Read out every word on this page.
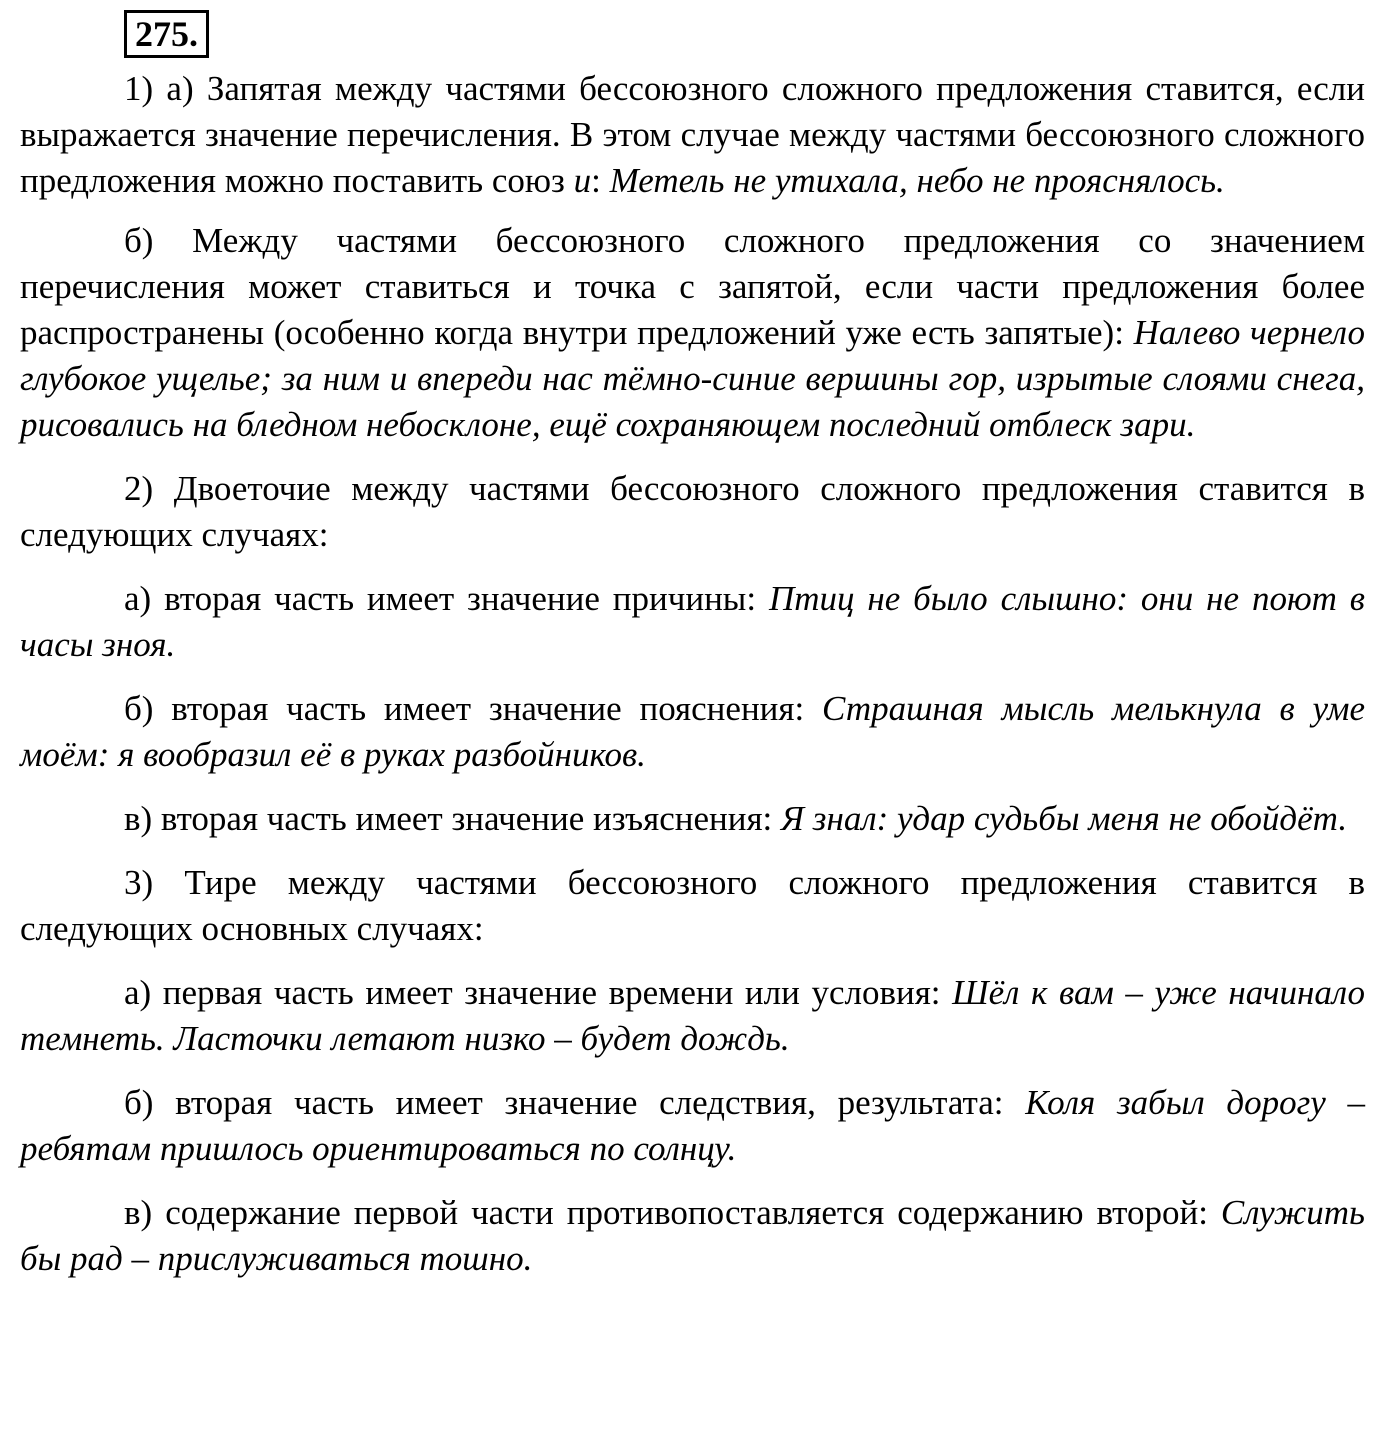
275.

1) а) Запятая между частями бессоюзного сложного предложения ставится, если выражается значение перечисления. В этом случае между частями бессоюзного сложного предложения можно поставить союз и: Метель не утихала, небо не прояснялось.

б) Между частями бессоюзного сложного предложения со значением перечисления может ставиться и точка с запятой, если части предложения более распространены (особенно когда внутри предложений уже есть запятые): Налево чернело глубокое ущелье; за ним и впереди нас тёмно-синие вершины гор, изрытые слоями снега, рисовались на бледном небосклоне, ещё сохраняющем последний отблеск зари.

2) Двоеточие между частями бессоюзного сложного предложения ставится в следующих случаях:

а) вторая часть имеет значение причины: Птиц не было слышно: они не поют в часы зноя.

б) вторая часть имеет значение пояснения: Страшная мысль мелькнула в уме моём: я вообразил её в руках разбойников.

в) вторая часть имеет значение изъяснения: Я знал: удар судьбы меня не обойдёт.

3) Тире между частями бессоюзного сложного предложения ставится в следующих основных случаях:

а) первая часть имеет значение времени или условия: Шёл к вам – уже начинало темнеть. Ласточки летают низко – будет дождь.

б) вторая часть имеет значение следствия, результата: Коля забыл дорогу – ребятам пришлось ориентироваться по солнцу.

в) содержание первой части противопоставляется содержанию второй: Служить бы рад – прислуживаться тошно.
